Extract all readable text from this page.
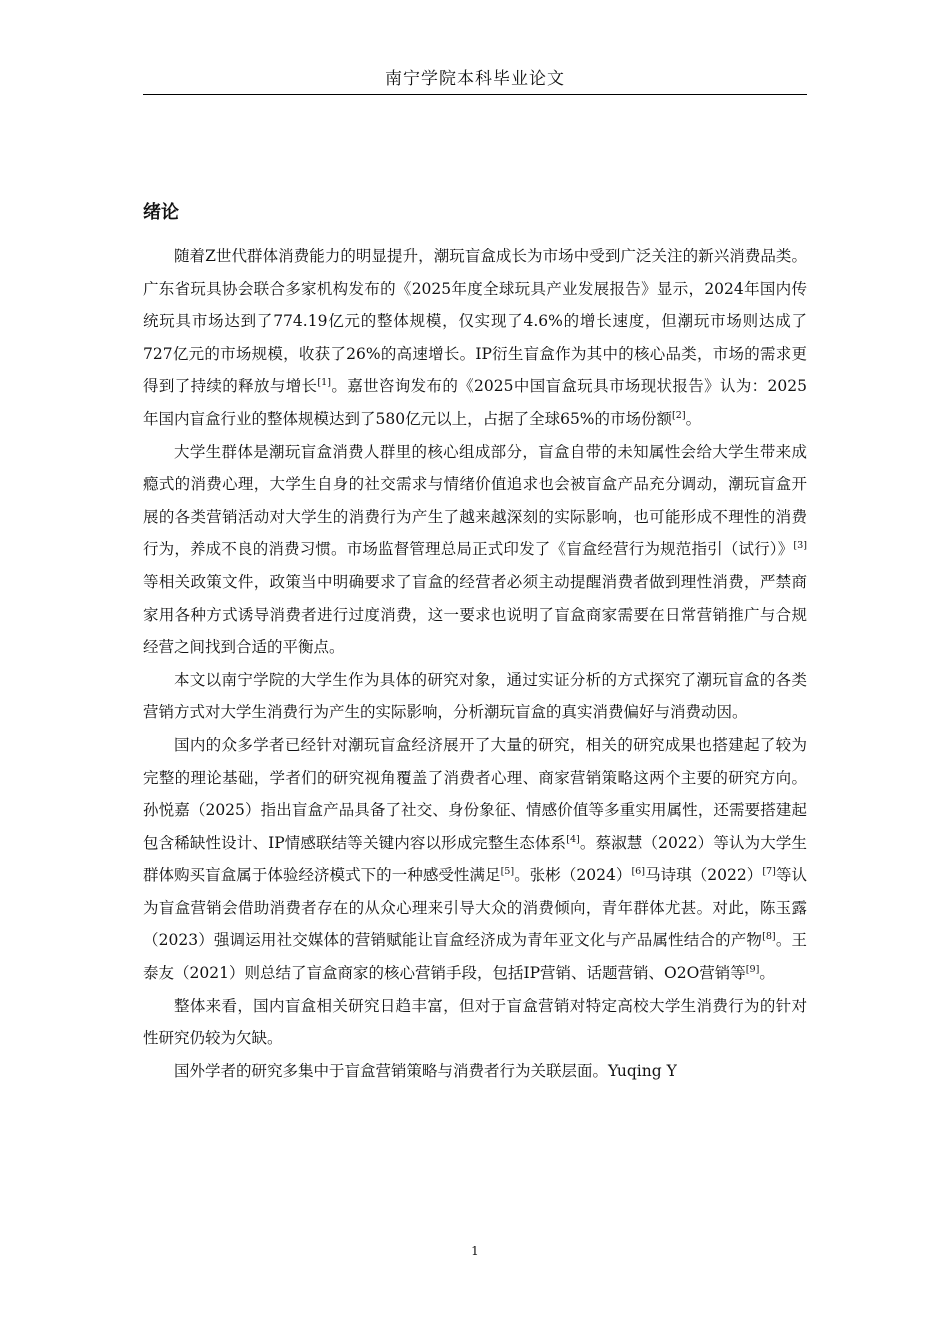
南宁学院本科毕业论文
绪论

随着Z世代群体消费能力的明显提升，潮玩盲盒成长为市场中受到广泛关注的新兴消费品类。广东省玩具协会联合多家机构发布的《2025年度全球玩具产业发展报告》显示，2024年国内传统玩具市场达到了774.19亿元的整体规模，仅实现了4.6%的增长速度，但潮玩市场则达成了727亿元的市场规模，收获了26%的高速增长。IP衍生盲盒作为其中的核心品类，市场的需求更得到了持续的释放与增长[1]。嘉世咨询发布的《2025中国盲盒玩具市场现状报告》认为：2025年国内盲盒行业的整体规模达到了580亿元以上，占据了全球65%的市场份额[2]。

大学生群体是潮玩盲盒消费人群里的核心组成部分，盲盒自带的未知属性会给大学生带来成瘾式的消费心理，大学生自身的社交需求与情绪价值追求也会被盲盒产品充分调动，潮玩盲盒开展的各类营销活动对大学生的消费行为产生了越来越深刻的实际影响，也可能形成不理性的消费行为，养成不良的消费习惯。市场监督管理总局正式印发了《盲盒经营行为规范指引（试行）》[3]等相关政策文件，政策当中明确要求了盲盒的经营者必须主动提醒消费者做到理性消费，严禁商家用各种方式诱导消费者进行过度消费，这一要求也说明了盲盒商家需要在日常营销推广与合规经营之间找到合适的平衡点。

本文以南宁学院的大学生作为具体的研究对象，通过实证分析的方式探究了潮玩盲盒的各类营销方式对大学生消费行为产生的实际影响，分析潮玩盲盒的真实消费偏好与消费动因。

国内的众多学者已经针对潮玩盲盒经济展开了大量的研究，相关的研究成果也搭建起了较为完整的理论基础，学者们的研究视角覆盖了消费者心理、商家营销策略这两个主要的研究方向。孙悦嘉（2025）指出盲盒产品具备了社交、身份象征、情感价值等多重实用属性，还需要搭建起包含稀缺性设计、IP情感联结等关键内容以形成完整生态体系[4]。蔡淑慧（2022）等认为大学生群体购买盲盒属于体验经济模式下的一种感受性满足[5]。张彬（2024）[6]马诗琪（2022）[7]等认为盲盒营销会借助消费者存在的从众心理来引导大众的消费倾向，青年群体尤甚。对此，陈玉露（2023）强调运用社交媒体的营销赋能让盲盒经济成为青年亚文化与产品属性结合的产物[8]。王泰友（2021）则总结了盲盒商家的核心营销手段，包括IP营销、话题营销、O2O营销等[9]。

整体来看，国内盲盒相关研究日趋丰富，但对于盲盒营销对特定高校大学生消费行为的针对性研究仍较为欠缺。

国外学者的研究多集中于盲盒营销策略与消费者行为关联层面。Yuqing Y

1
